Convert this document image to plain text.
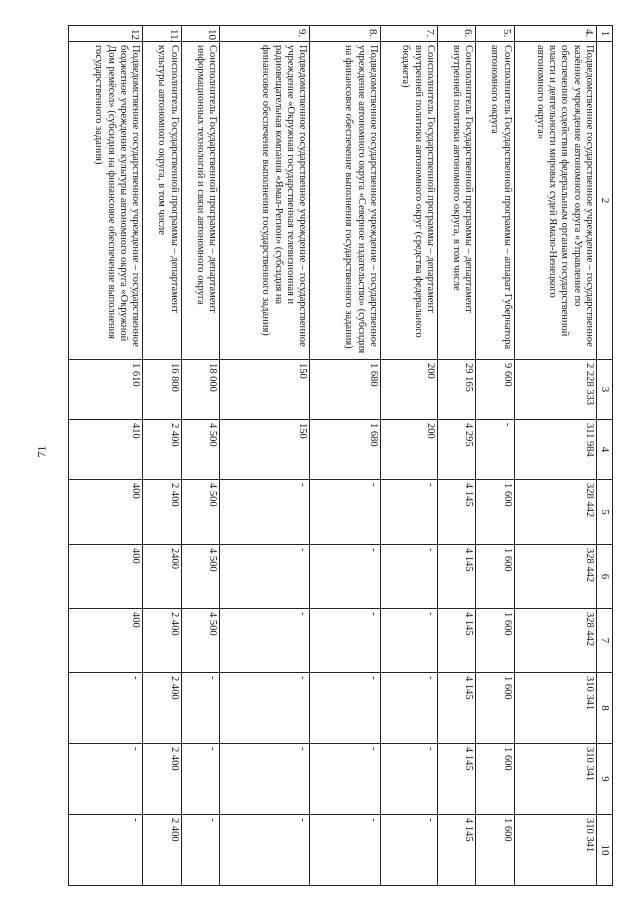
71
1	2	3	4	5	6	7	8	9	10
4.	Подведомственное государственное учреждение – государственное казённое учреждение автономного округа «Управление по обеспечению содействия федеральным органам государственной власти и деятельности мировых судей Ямало-Ненецкого автономного округа»	2 228 333	311 984	328 442	328 442	328 442	310 341	310 341	310 341
5.	Соисполнитель Государственной программы – аппарат Губернатора автономного округа	9 600	-	1 600	1 600	1 600	1 600	1 600	1 600
6.	Соисполнитель Государственной программы – департамент внутренней политики автономного округа, в том числе	29 165	4 295	4 145	4 145	4 145	4 145	4 145	4 145
7.	Соисполнитель Государственной программы – департамент внутренней политики автономного округ (средства федерального бюджета)	200	200	-	-	-	-	-	-
8.	Подведомственное государственное учреждение – государственное учреждение автономного округа «Северное издательство» (субсидия на финансовое обеспечение выполнения государственного задания)	1 680	1 680	-	-	-	-	-	-
9.	Подведомственное государственное учреждение – государственное учреждение «Окружная государственная телевизионная и радиовещательная компания «Ямал-Регион» (субсидия на финансовое обеспечение выполнения государственного задания)	150	150	-	-	-	-	-	-
10.	Соисполнитель Государственной программы – департамент информационных технологий и связи автономного округа	18 000	4 500	4 500	4 500	4 500	-	-	-
11.	Соисполнитель Государственной программы – департамент культуры автономного округа, в том числе	16 800	2 400	2 400	2400	2 400	2 400	2 400	2 400
12.	Подведомственное государственное учреждение – государственное бюджетное учреждение культуры автономного округа «Окружной Дом ремёсел» (субсидия на финансовое обеспечение выполнения государственного задания)	1 610	410	400	400	400	-	-	-
